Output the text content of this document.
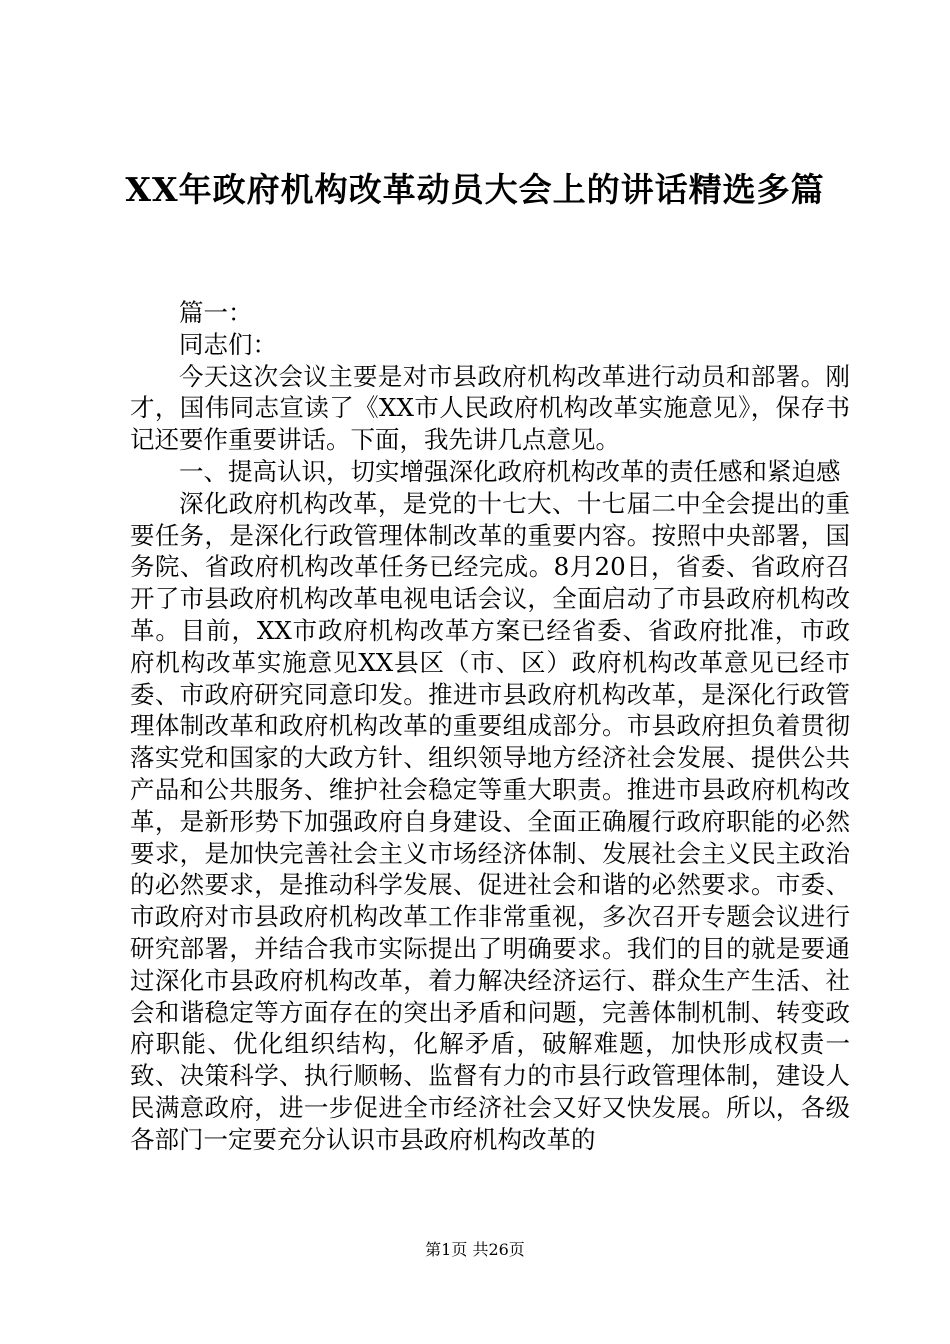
XX年政府机构改革动员大会上的讲话精选多篇

篇一：

同志们：

今天这次会议主要是对市县政府机构改革进行动员和部署。刚才，国伟同志宣读了《XX市人民政府机构改革实施意见》，保存书记还要作重要讲话。下面，我先讲几点意见。

一、提高认识，切实增强深化政府机构改革的责任感和紧迫感

深化政府机构改革，是党的十七大、十七届二中全会提出的重要任务，是深化行政管理体制改革的重要内容。按照中央部署，国务院、省政府机构改革任务已经完成。8月20日，省委、省政府召开了市县政府机构改革电视电话会议，全面启动了市县政府机构改革。目前，XX市政府机构改革方案已经省委、省政府批准，市政府机构改革实施意见XX县区（市、区）政府机构改革意见已经市委、市政府研究同意印发。推进市县政府机构改革，是深化行政管理体制改革和政府机构改革的重要组成部分。市县政府担负着贯彻落实党和国家的大政方针、组织领导地方经济社会发展、提供公共产品和公共服务、维护社会稳定等重大职责。推进市县政府机构改革，是新形势下加强政府自身建设、全面正确履行政府职能的必然要求，是加快完善社会主义市场经济体制、发展社会主义民主政治的必然要求，是推动科学发展、促进社会和谐的必然要求。市委、市政府对市县政府机构改革工作非常重视，多次召开专题会议进行研究部署，并结合我市实际提出了明确要求。我们的目的就是要通过深化市县政府机构改革，着力解决经济运行、群众生产生活、社会和谐稳定等方面存在的突出矛盾和问题，完善体制机制、转变政府职能、优化组织结构，化解矛盾，破解难题，加快形成权责一致、决策科学、执行顺畅、监督有力的市县行政管理体制，建设人民满意政府，进一步促进全市经济社会又好又快发展。所以，各级各部门一定要充分认识市县政府机构改革的

第1页 共26页
